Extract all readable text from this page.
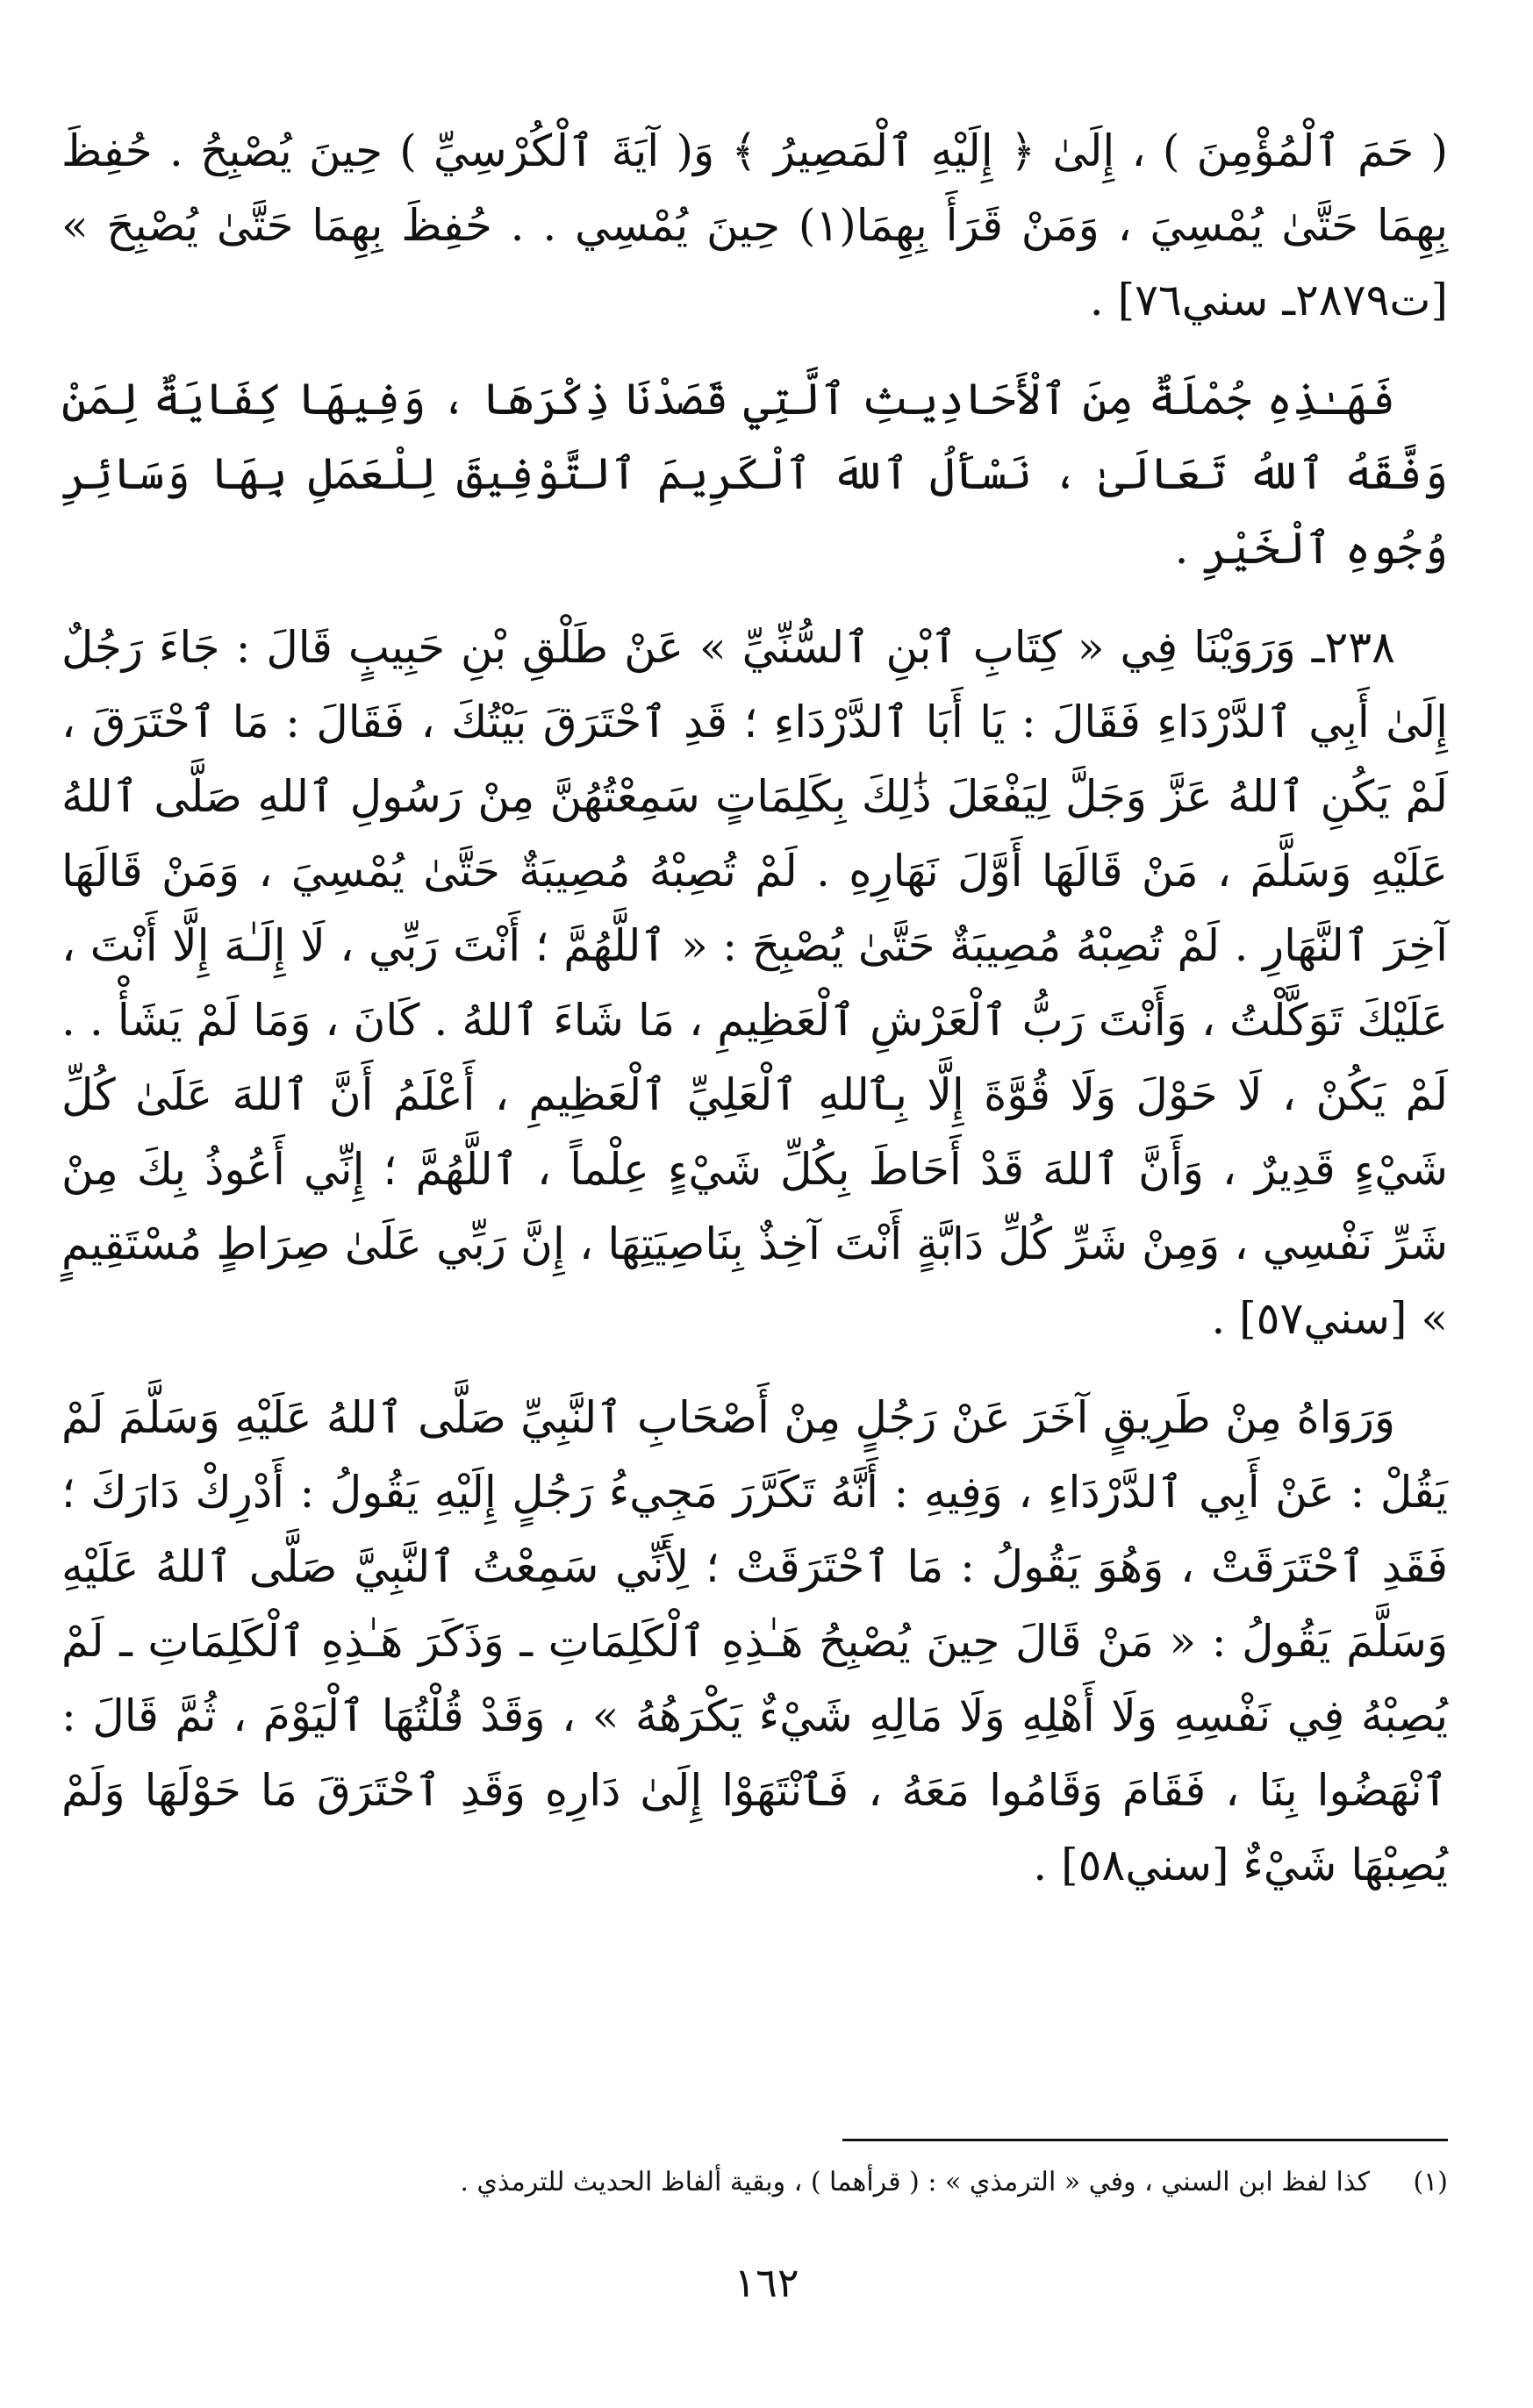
( حَمَ ٱلْمُؤْمِنَ ) ، إِلَىٰ ﴿ إِلَيْهِ ٱلْمَصِيرُ ﴾ وَ( آيَةَ ٱلْكُرْسِيِّ ) حِينَ يُصْبِحُ . حُفِظَ بِهِمَا حَتَّىٰ يُمْسِيَ ، وَمَنْ قَرَأَ بِهِمَا(١) حِينَ يُمْسِي . . حُفِظَ بِهِمَا حَتَّىٰ يُصْبِحَ » [ت٢٨٧٩ـ سني٧٦] .

فَهَـٰذِهِ جُمْلَةٌ مِنَ ٱلْأَحَادِيثِ ٱلَّتِي قَصَدْنَا ذِكْرَهَا ، وَفِيهَا كِفَايَةٌ لِمَنْ وَفَّقَهُ ٱللهُ تَعَالَىٰ ، نَسْأَلُ ٱللهَ ٱلْكَرِيمَ ٱلتَّوْفِيقَ لِلْعَمَلِ بِهَا وَسَائِرِ وُجُوهِ ٱلْخَيْرِ .

٢٣٨ـ وَرَوَيْنَا فِي « كِتَابِ ٱبْنِ ٱلسُّنِّيِّ » عَنْ طَلْقِ بْنِ حَبِيبٍ قَالَ : جَاءَ رَجُلٌ إِلَىٰ أَبِي ٱلدَّرْدَاءِ فَقَالَ : يَا أَبَا ٱلدَّرْدَاءِ ؛ قَدِ ٱحْتَرَقَ بَيْتُكَ ، فَقَالَ : مَا ٱحْتَرَقَ ، لَمْ يَكُنِ ٱللهُ عَزَّ وَجَلَّ لِيَفْعَلَ ذَٰلِكَ بِكَلِمَاتٍ سَمِعْتُهُنَّ مِنْ رَسُولِ ٱللهِ صَلَّى ٱللهُ عَلَيْهِ وَسَلَّمَ ، مَنْ قَالَهَا أَوَّلَ نَهَارِهِ . لَمْ تُصِبْهُ مُصِيبَةٌ حَتَّىٰ يُمْسِيَ ، وَمَنْ قَالَهَا آخِرَ ٱلنَّهَارِ . لَمْ تُصِبْهُ مُصِيبَةٌ حَتَّىٰ يُصْبِحَ : « ٱللَّهُمَّ ؛ أَنْتَ رَبِّي ، لَا إِلَـٰهَ إِلَّا أَنْتَ ، عَلَيْكَ تَوَكَّلْتُ ، وَأَنْتَ رَبُّ ٱلْعَرْشِ ٱلْعَظِيمِ ، مَا شَاءَ ٱللهُ . كَانَ ، وَمَا لَمْ يَشَأْ . . لَمْ يَكُنْ ، لَا حَوْلَ وَلَا قُوَّةَ إِلَّا بِٱللهِ ٱلْعَلِيِّ ٱلْعَظِيمِ ، أَعْلَمُ أَنَّ ٱللهَ عَلَىٰ كُلِّ شَيْءٍ قَدِيرٌ ، وَأَنَّ ٱللهَ قَدْ أَحَاطَ بِكُلِّ شَيْءٍ عِلْماً ، ٱللَّهُمَّ ؛ إِنِّي أَعُوذُ بِكَ مِنْ شَرِّ نَفْسِي ، وَمِنْ شَرِّ كُلِّ دَابَّةٍ أَنْتَ آخِذٌ بِنَاصِيَتِهَا ، إِنَّ رَبِّي عَلَىٰ صِرَاطٍ مُسْتَقِيمٍ » [سني٥٧] .

وَرَوَاهُ مِنْ طَرِيقٍ آخَرَ عَنْ رَجُلٍ مِنْ أَصْحَابِ ٱلنَّبِيِّ صَلَّى ٱللهُ عَلَيْهِ وَسَلَّمَ لَمْ يَقُلْ : عَنْ أَبِي ٱلدَّرْدَاءِ ، وَفِيهِ : أَنَّهُ تَكَرَّرَ مَجِيءُ رَجُلٍ إِلَيْهِ يَقُولُ : أَدْرِكْ دَارَكَ ؛ فَقَدِ ٱحْتَرَقَتْ ، وَهُوَ يَقُولُ : مَا ٱحْتَرَقَتْ ؛ لِأَنِّي سَمِعْتُ ٱلنَّبِيَّ صَلَّى ٱللهُ عَلَيْهِ وَسَلَّمَ يَقُولُ : « مَنْ قَالَ حِينَ يُصْبِحُ هَـٰذِهِ ٱلْكَلِمَاتِ ـ وَذَكَرَ هَـٰذِهِ ٱلْكَلِمَاتِ ـ لَمْ يُصِبْهُ فِي نَفْسِهِ وَلَا أَهْلِهِ وَلَا مَالِهِ شَيْءٌ يَكْرَهُهُ » ، وَقَدْ قُلْتُهَا ٱلْيَوْمَ ، ثُمَّ قَالَ : ٱنْهَضُوا بِنَا ، فَقَامَ وَقَامُوا مَعَهُ ، فَٱنْتَهَوْا إِلَىٰ دَارِهِ وَقَدِ ٱحْتَرَقَ مَا حَوْلَهَا وَلَمْ يُصِبْهَا شَيْءٌ [سني٥٨] .

(١) كذا لفظ ابن السني ، وفي « الترمذي » : ( قرأهما ) ، وبقية ألفاظ الحديث للترمذي .
١٦٢
